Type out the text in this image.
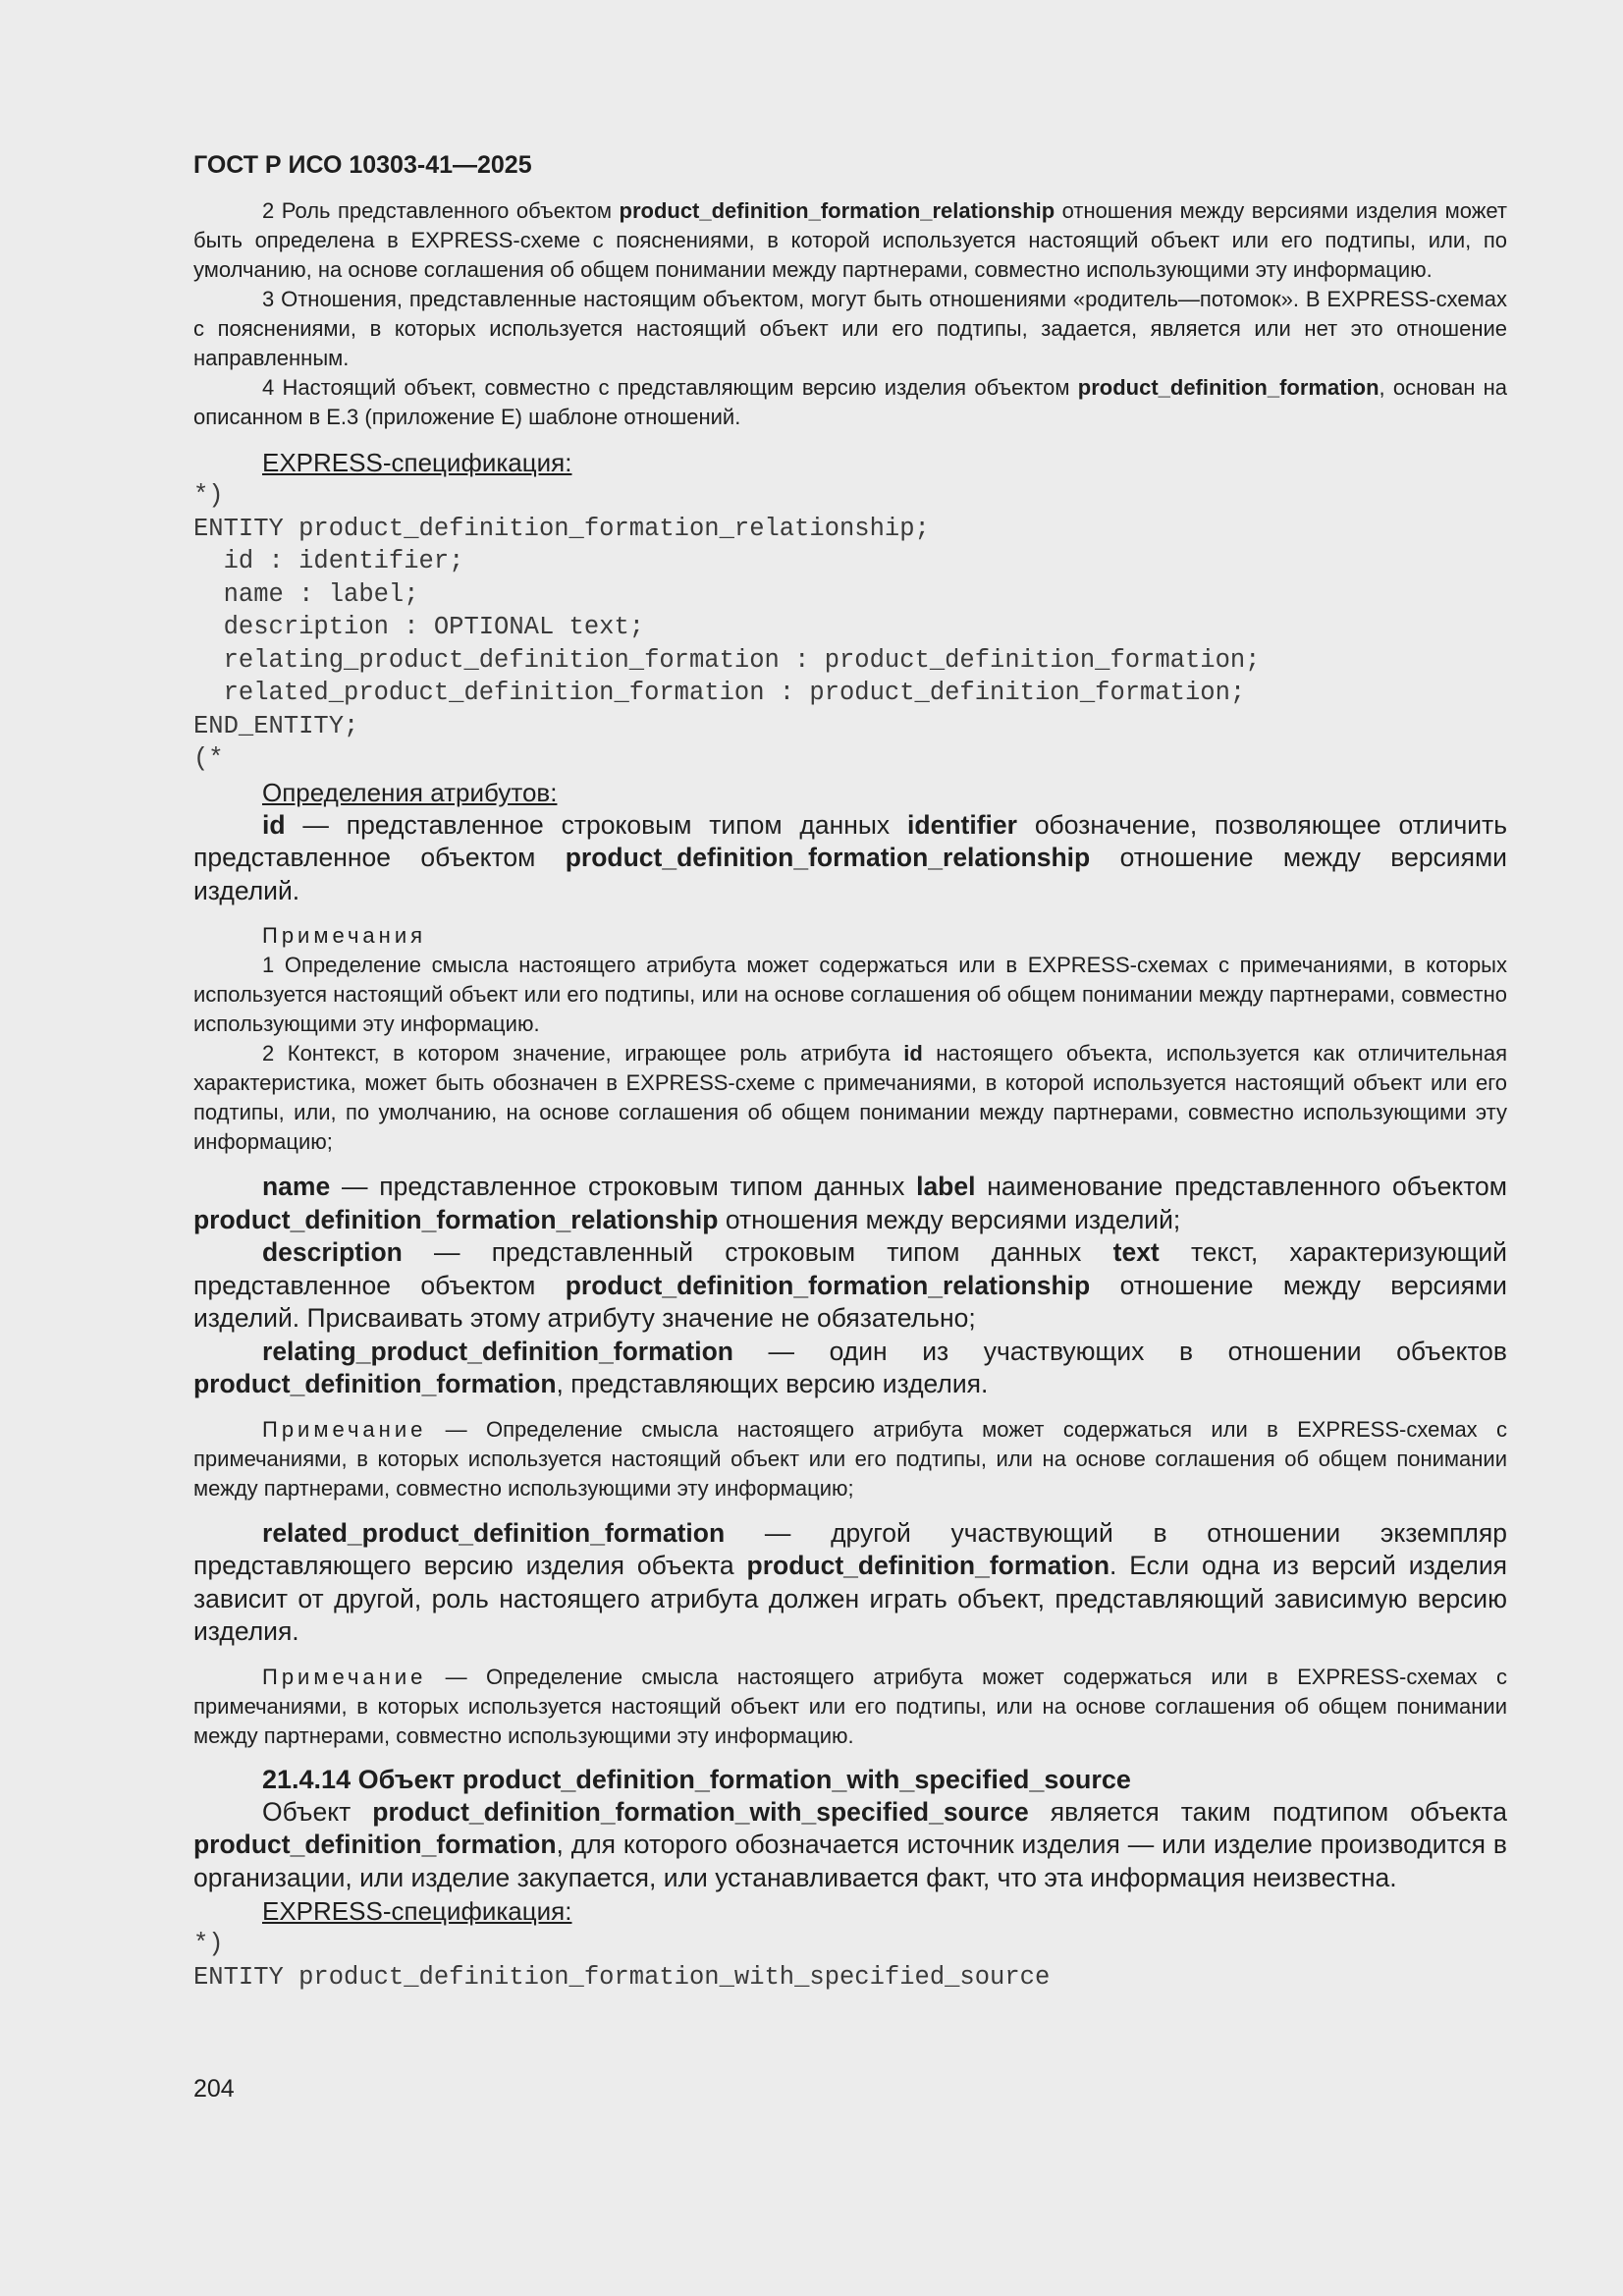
ГОСТ Р ИСО 10303-41—2025

2 Роль представленного объектом product_definition_formation_relationship отношения между версиями изделия может быть определена в EXPRESS-схеме с пояснениями, в которой используется настоящий объект или его подтипы, или, по умолчанию, на основе соглашения об общем понимании между партнерами, совместно использующими эту информацию.

3 Отношения, представленные настоящим объектом, могут быть отношениями «родитель—потомок». В EXPRESS-схемах с пояснениями, в которых используется настоящий объект или его подтипы, задается, является или нет это отношение направленным.

4 Настоящий объект, совместно с представляющим версию изделия объектом product_definition_formation, основан на описанном в E.3 (приложение E) шаблоне отношений.

EXPRESS-спецификация:
*)
ENTITY product_definition_formation_relationship;
id : identifier;
name : label;
description : OPTIONAL text;
relating_product_definition_formation : product_definition_formation;
related_product_definition_formation : product_definition_formation;
END_ENTITY;
(*
Определения атрибутов:

id — представленное строковым типом данных identifier обозначение, позволяющее отличить представленное объектом product_definition_formation_relationship отношение между версиями изделий.

Примечания

1 Определение смысла настоящего атрибута может содержаться или в EXPRESS-схемах с примечаниями, в которых используется настоящий объект или его подтипы, или на основе соглашения об общем понимании между партнерами, совместно использующими эту информацию.

2 Контекст, в котором значение, играющее роль атрибута id настоящего объекта, используется как отличительная характеристика, может быть обозначен в EXPRESS-схеме с примечаниями, в которой используется настоящий объект или его подтипы, или, по умолчанию, на основе соглашения об общем понимании между партнерами, совместно использующими эту информацию;

name — представленное строковым типом данных label наименование представленного объектом product_definition_formation_relationship отношения между версиями изделий;

description — представленный строковым типом данных text текст, характеризующий представленное объектом product_definition_formation_relationship отношение между версиями изделий. Присваивать этому атрибуту значение не обязательно;

relating_product_definition_formation — один из участвующих в отношении объектов product_definition_formation, представляющих версию изделия.

Примечание — Определение смысла настоящего атрибута может содержаться или в EXPRESS-схемах с примечаниями, в которых используется настоящий объект или его подтипы, или на основе соглашения об общем понимании между партнерами, совместно использующими эту информацию;

related_product_definition_formation — другой участвующий в отношении экземпляр представляющего версию изделия объекта product_definition_formation. Если одна из версий изделия зависит от другой, роль настоящего атрибута должен играть объект, представляющий зависимую версию изделия.

Примечание — Определение смысла настоящего атрибута может содержаться или в EXPRESS-схемах с примечаниями, в которых используется настоящий объект или его подтипы, или на основе соглашения об общем понимании между партнерами, совместно использующими эту информацию.

21.4.14 Объект product_definition_formation_with_specified_source

Объект product_definition_formation_with_specified_source является таким подтипом объекта product_definition_formation, для которого обозначается источник изделия — или изделие производится в организации, или изделие закупается, или устанавливается факт, что эта информация неизвестна.

EXPRESS-спецификация:
*)
ENTITY product_definition_formation_with_specified_source
204
